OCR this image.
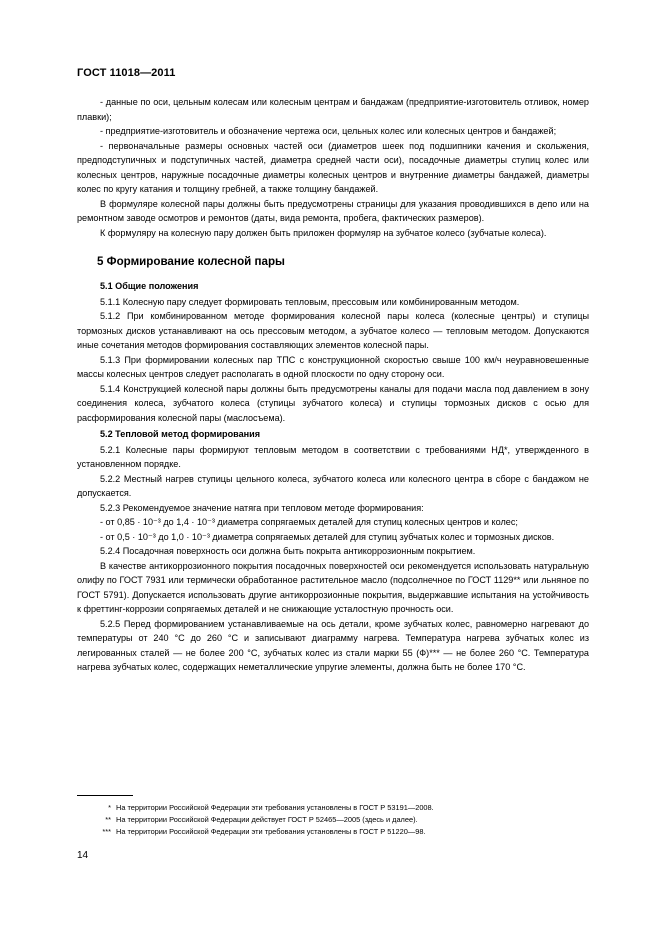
ГОСТ 11018—2011

- данные по оси, цельным колесам или колесным центрам и бандажам (предприятие-изготовитель отливок, номер плавки);

- предприятие-изготовитель и обозначение чертежа оси, цельных колес или колесных центров и бандажей;

- первоначальные размеры основных частей оси (диаметров шеек под подшипники качения и скольжения, предподступичных и подступичных частей, диаметра средней части оси), посадочные диаметры ступиц колес или колесных центров, наружные посадочные диаметры колесных центров и внутренние диаметры бандажей, диаметры колес по кругу катания и толщину гребней, а также толщину бандажей.

В формуляре колесной пары должны быть предусмотрены страницы для указания проводившихся в депо или на ремонтном заводе осмотров и ремонтов (даты, вида ремонта, пробега, фактических размеров).

К формуляру на колесную пару должен быть приложен формуляр на зубчатое колесо (зубчатые колеса).

5 Формирование колесной пары
5.1 Общие положения

5.1.1 Колесную пару следует формировать тепловым, прессовым или комбинированным методом.

5.1.2 При комбинированном методе формирования колесной пары колеса (колесные центры) и ступицы тормозных дисков устанавливают на ось прессовым методом, а зубчатое колесо — тепловым методом. Допускаются иные сочетания методов формирования составляющих элементов колесной пары.

5.1.3 При формировании колесных пар ТПС с конструкционной скоростью свыше 100 км/ч неуравновешенные массы колесных центров следует располагать в одной плоскости по одну сторону оси.

5.1.4 Конструкцией колесной пары должны быть предусмотрены каналы для подачи масла под давлением в зону соединения колеса, зубчатого колеса (ступицы зубчатого колеса) и ступицы тормозных дисков с осью для расформирования колесной пары (маслосъема).

5.2 Тепловой метод формирования

5.2.1 Колесные пары формируют тепловым методом в соответствии с требованиями НД*, утвержденного в установленном порядке.

5.2.2 Местный нагрев ступицы цельного колеса, зубчатого колеса или колесного центра в сборе с бандажом не допускается.

5.2.3 Рекомендуемое значение натяга при тепловом методе формирования:

- от 0,85 · 10⁻³ до 1,4 · 10⁻³ диаметра сопрягаемых деталей для ступиц колесных центров и колес;

- от 0,5 · 10⁻³ до 1,0 · 10⁻³ диаметра сопрягаемых деталей для ступиц зубчатых колес и тормозных дисков.

5.2.4 Посадочная поверхность оси должна быть покрыта антикоррозионным покрытием.

В качестве антикоррозионного покрытия посадочных поверхностей оси рекомендуется использовать натуральную олифу по ГОСТ 7931 или термически обработанное растительное масло (подсолнечное по ГОСТ 1129** или льняное по ГОСТ 5791). Допускается использовать другие антикоррозионные покрытия, выдержавшие испытания на устойчивость к фреттинг-коррозии сопрягаемых деталей и не снижающие усталостную прочность оси.

5.2.5 Перед формированием устанавливаемые на ось детали, кроме зубчатых колес, равномерно нагревают до температуры от 240 °С до 260 °С и записывают диаграмму нагрева. Температура нагрева зубчатых колес из легированных сталей — не более 200 °С, зубчатых колес из стали марки 55 (Ф)*** — не более 260 °С. Температура нагрева зубчатых колес, содержащих неметаллические упругие элементы, должна быть не более 170 °С.

* На территории Российской Федерации эти требования установлены в ГОСТ Р 53191—2008.
** На территории Российской Федерации действует ГОСТ Р 52465—2005 (здесь и далее).
*** На территории Российской Федерации эти требования установлены в ГОСТ Р 51220—98.
14
